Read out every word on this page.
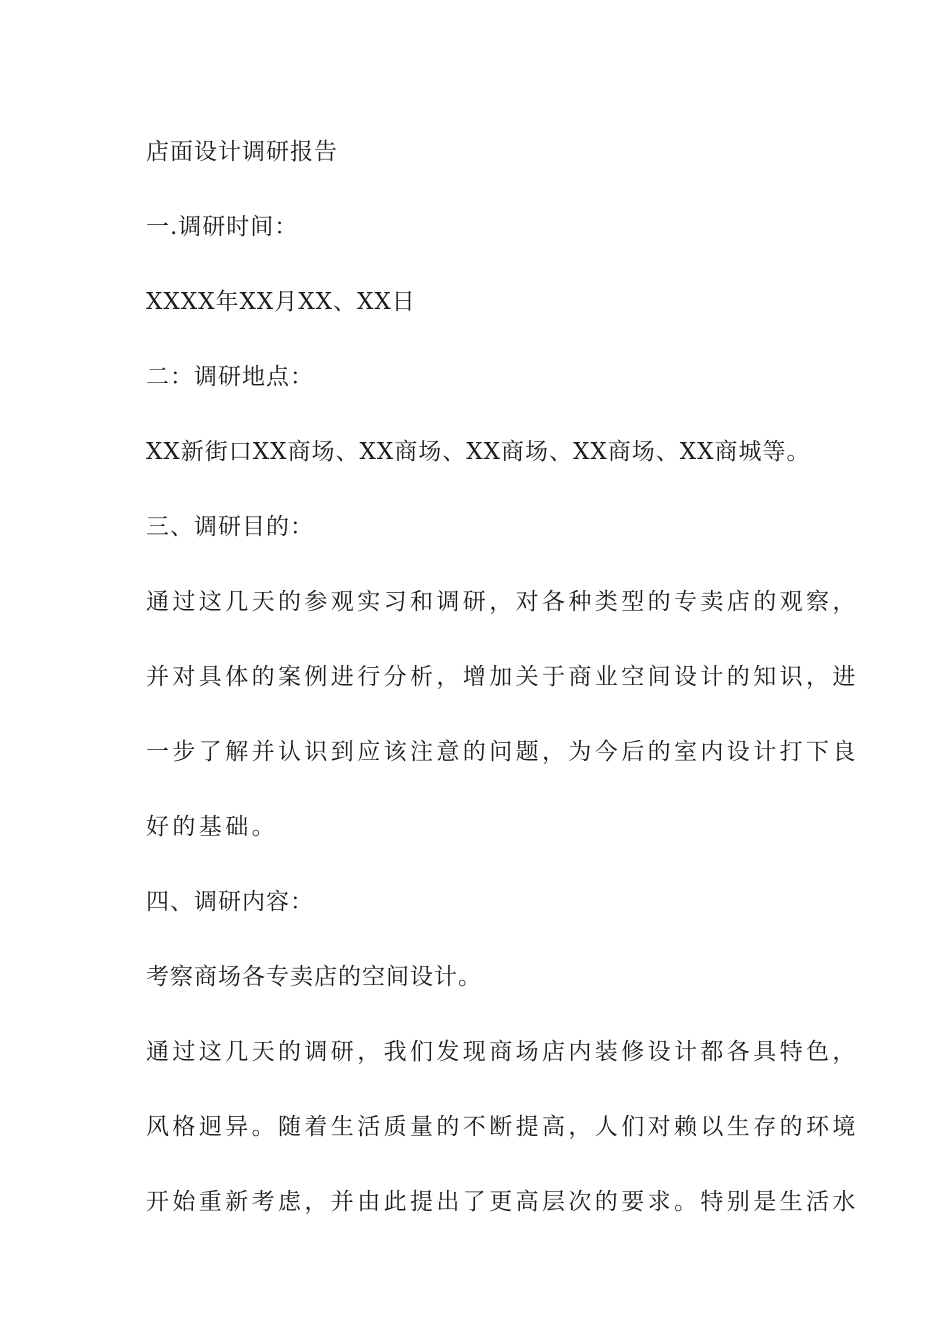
店面设计调研报告
一.调研时间：
XXXX年XX月XX、XX日
二：调研地点：
XX新街口XX商场、XX商场、XX商场、XX商场、XX商城等。
三、调研目的：
通过这几天的参观实习和调研，对各种类型的专卖店的观察，
并对具体的案例进行分析，增加关于商业空间设计的知识，进
一步了解并认识到应该注意的问题，为今后的室内设计打下良
好的基础。
四、调研内容：
考察商场各专卖店的空间设计。
通过这几天的调研，我们发现商场店内装修设计都各具特色，
风格迥异。随着生活质量的不断提高，人们对赖以生存的环境
开始重新考虑，并由此提出了更高层次的要求。特别是生活水
